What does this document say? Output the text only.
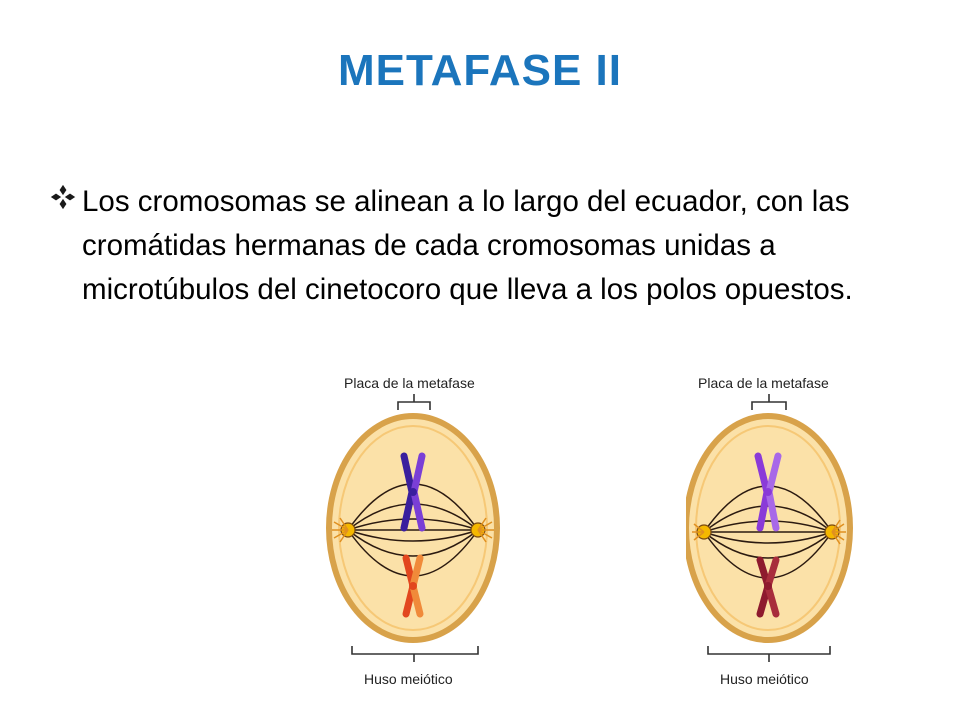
METAFASE II
Los cromosomas se alinean a lo largo del ecuador, con las cromátidas hermanas de cada cromosomas unidas a microtúbulos del cinetocoro que lleva a los polos opuestos.
Placa de la metafase
Huso meiótico
Placa de la metafase
Huso meiótico
